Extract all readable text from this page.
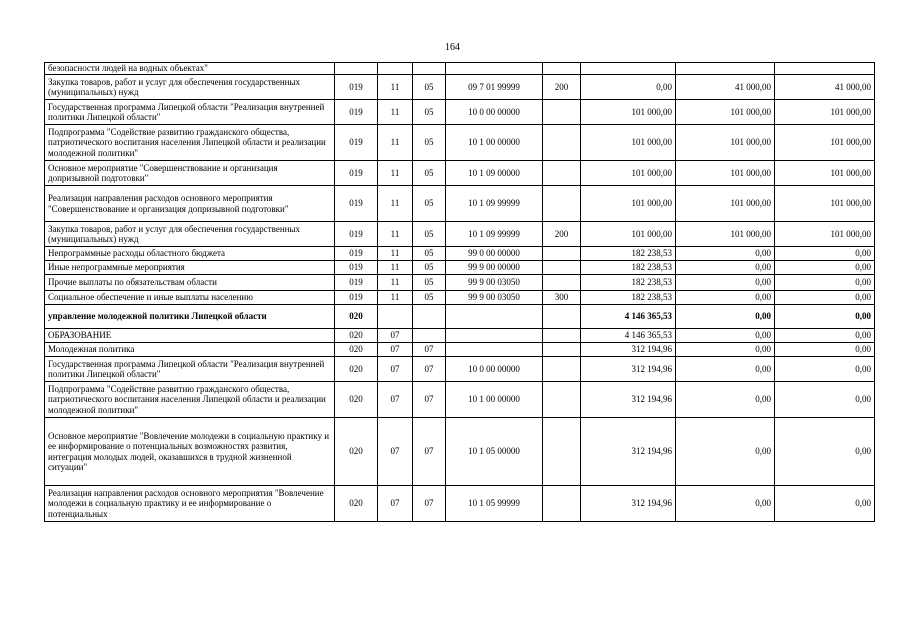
164
безопасности людей на водных объектах"								
Закупка товаров, работ и услуг для обеспечения государственных (муниципальных) нужд	019	11	05	09 7 01 99999	200	0,00	41 000,00	41 000,00
Государственная программа Липецкой области "Реализация внутренней политики Липецкой области"	019	11	05	10 0 00 00000		101 000,00	101 000,00	101 000,00
Подпрограмма "Содействие развитию гражданского общества, патриотического воспитания населения Липецкой области и реализации молодежной политики"	019	11	05	10 1 00 00000		101 000,00	101 000,00	101 000,00
Основное мероприятие "Совершенствование и организация допризывной подготовки"	019	11	05	10 1 09 00000		101 000,00	101 000,00	101 000,00
Реализация направления расходов основного мероприятия "Совершенствование и организация допризывной подготовки"	019	11	05	10 1 09 99999		101 000,00	101 000,00	101 000,00
Закупка товаров, работ и услуг для обеспечения государственных (муниципальных) нужд	019	11	05	10 1 09 99999	200	101 000,00	101 000,00	101 000,00
Непрограммные расходы областного бюджета	019	11	05	99 0 00 00000		182 238,53	0,00	0,00
Иные непрограммные мероприятия	019	11	05	99 9 00 00000		182 238,53	0,00	0,00
Прочие выплаты по обязательствам области	019	11	05	99 9 00 03050		182 238,53	0,00	0,00
Социальное обеспечение и иные выплаты населению	019	11	05	99 9 00 03050	300	182 238,53	0,00	0,00
управление молодежной политики Липецкой области	020					4 146 365,53	0,00	0,00
ОБРАЗОВАНИЕ	020	07				4 146 365,53	0,00	0,00
Молодежная политика	020	07	07			312 194,96	0,00	0,00
Государственная программа Липецкой области "Реализация внутренней политики Липецкой области"	020	07	07	10 0 00 00000		312 194,96	0,00	0,00
Подпрограмма "Содействие развитию гражданского общества, патриотического воспитания населения Липецкой области и реализации молодежной политики"	020	07	07	10 1 00 00000		312 194,96	0,00	0,00
Основное мероприятие "Вовлечение молодежи в социальную практику и ее информирование о потенциальных возможностях развития, интеграция молодых людей, оказавшихся в трудной жизненной ситуации"	020	07	07	10 1 05 00000		312 194,96	0,00	0,00
Реализация направления расходов основного мероприятия "Вовлечение молодежи в социальную практику и ее информирование о потенциальных	020	07	07	10 1 05 99999		312 194,96	0,00	0,00
